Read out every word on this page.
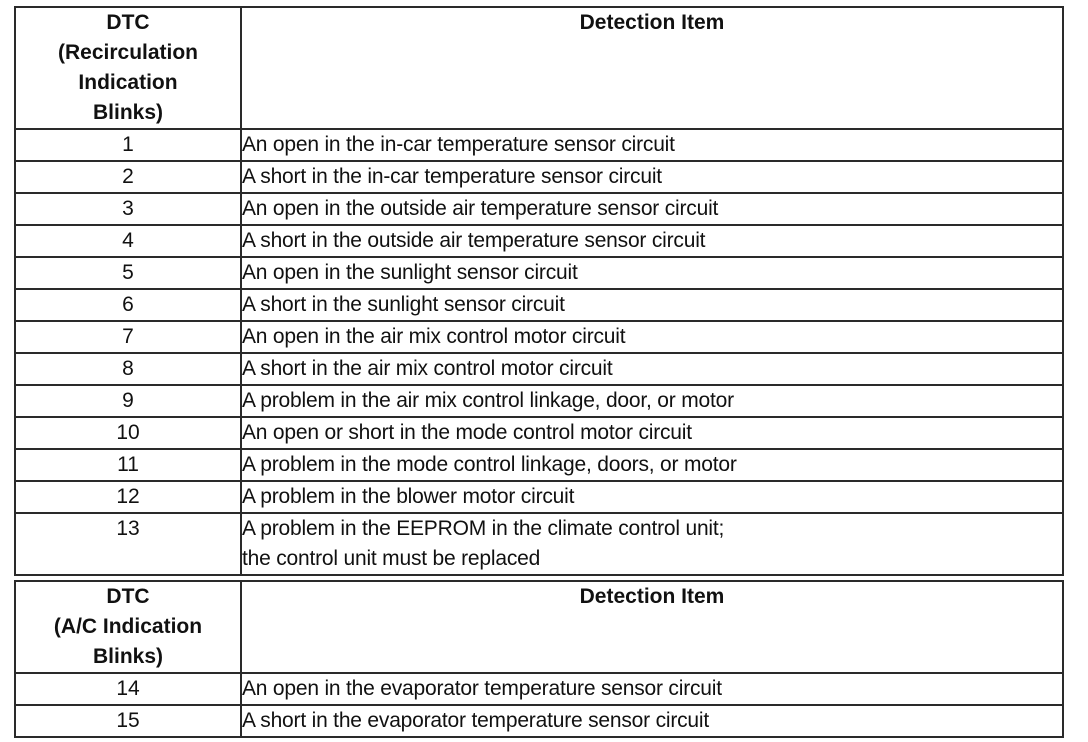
DTC
(Recirculation
Indication
Blinks)	Detection Item
1	An open in the in-car temperature sensor circuit
2	A short in the in-car temperature sensor circuit
3	An open in the outside air temperature sensor circuit
4	A short in the outside air temperature sensor circuit
5	An open in the sunlight sensor circuit
6	A short in the sunlight sensor circuit
7	An open in the air mix control motor circuit
8	A short in the air mix control motor circuit
9	A problem in the air mix control linkage, door, or motor
10	An open or short in the mode control motor circuit
11	A problem in the mode control linkage, doors, or motor
12	A problem in the blower motor circuit
13	A problem in the EEPROM in the climate control unit;
the control unit must be replaced
DTC
(A/C Indication
Blinks)	Detection Item
14	An open in the evaporator temperature sensor circuit
15	A short in the evaporator temperature sensor circuit
